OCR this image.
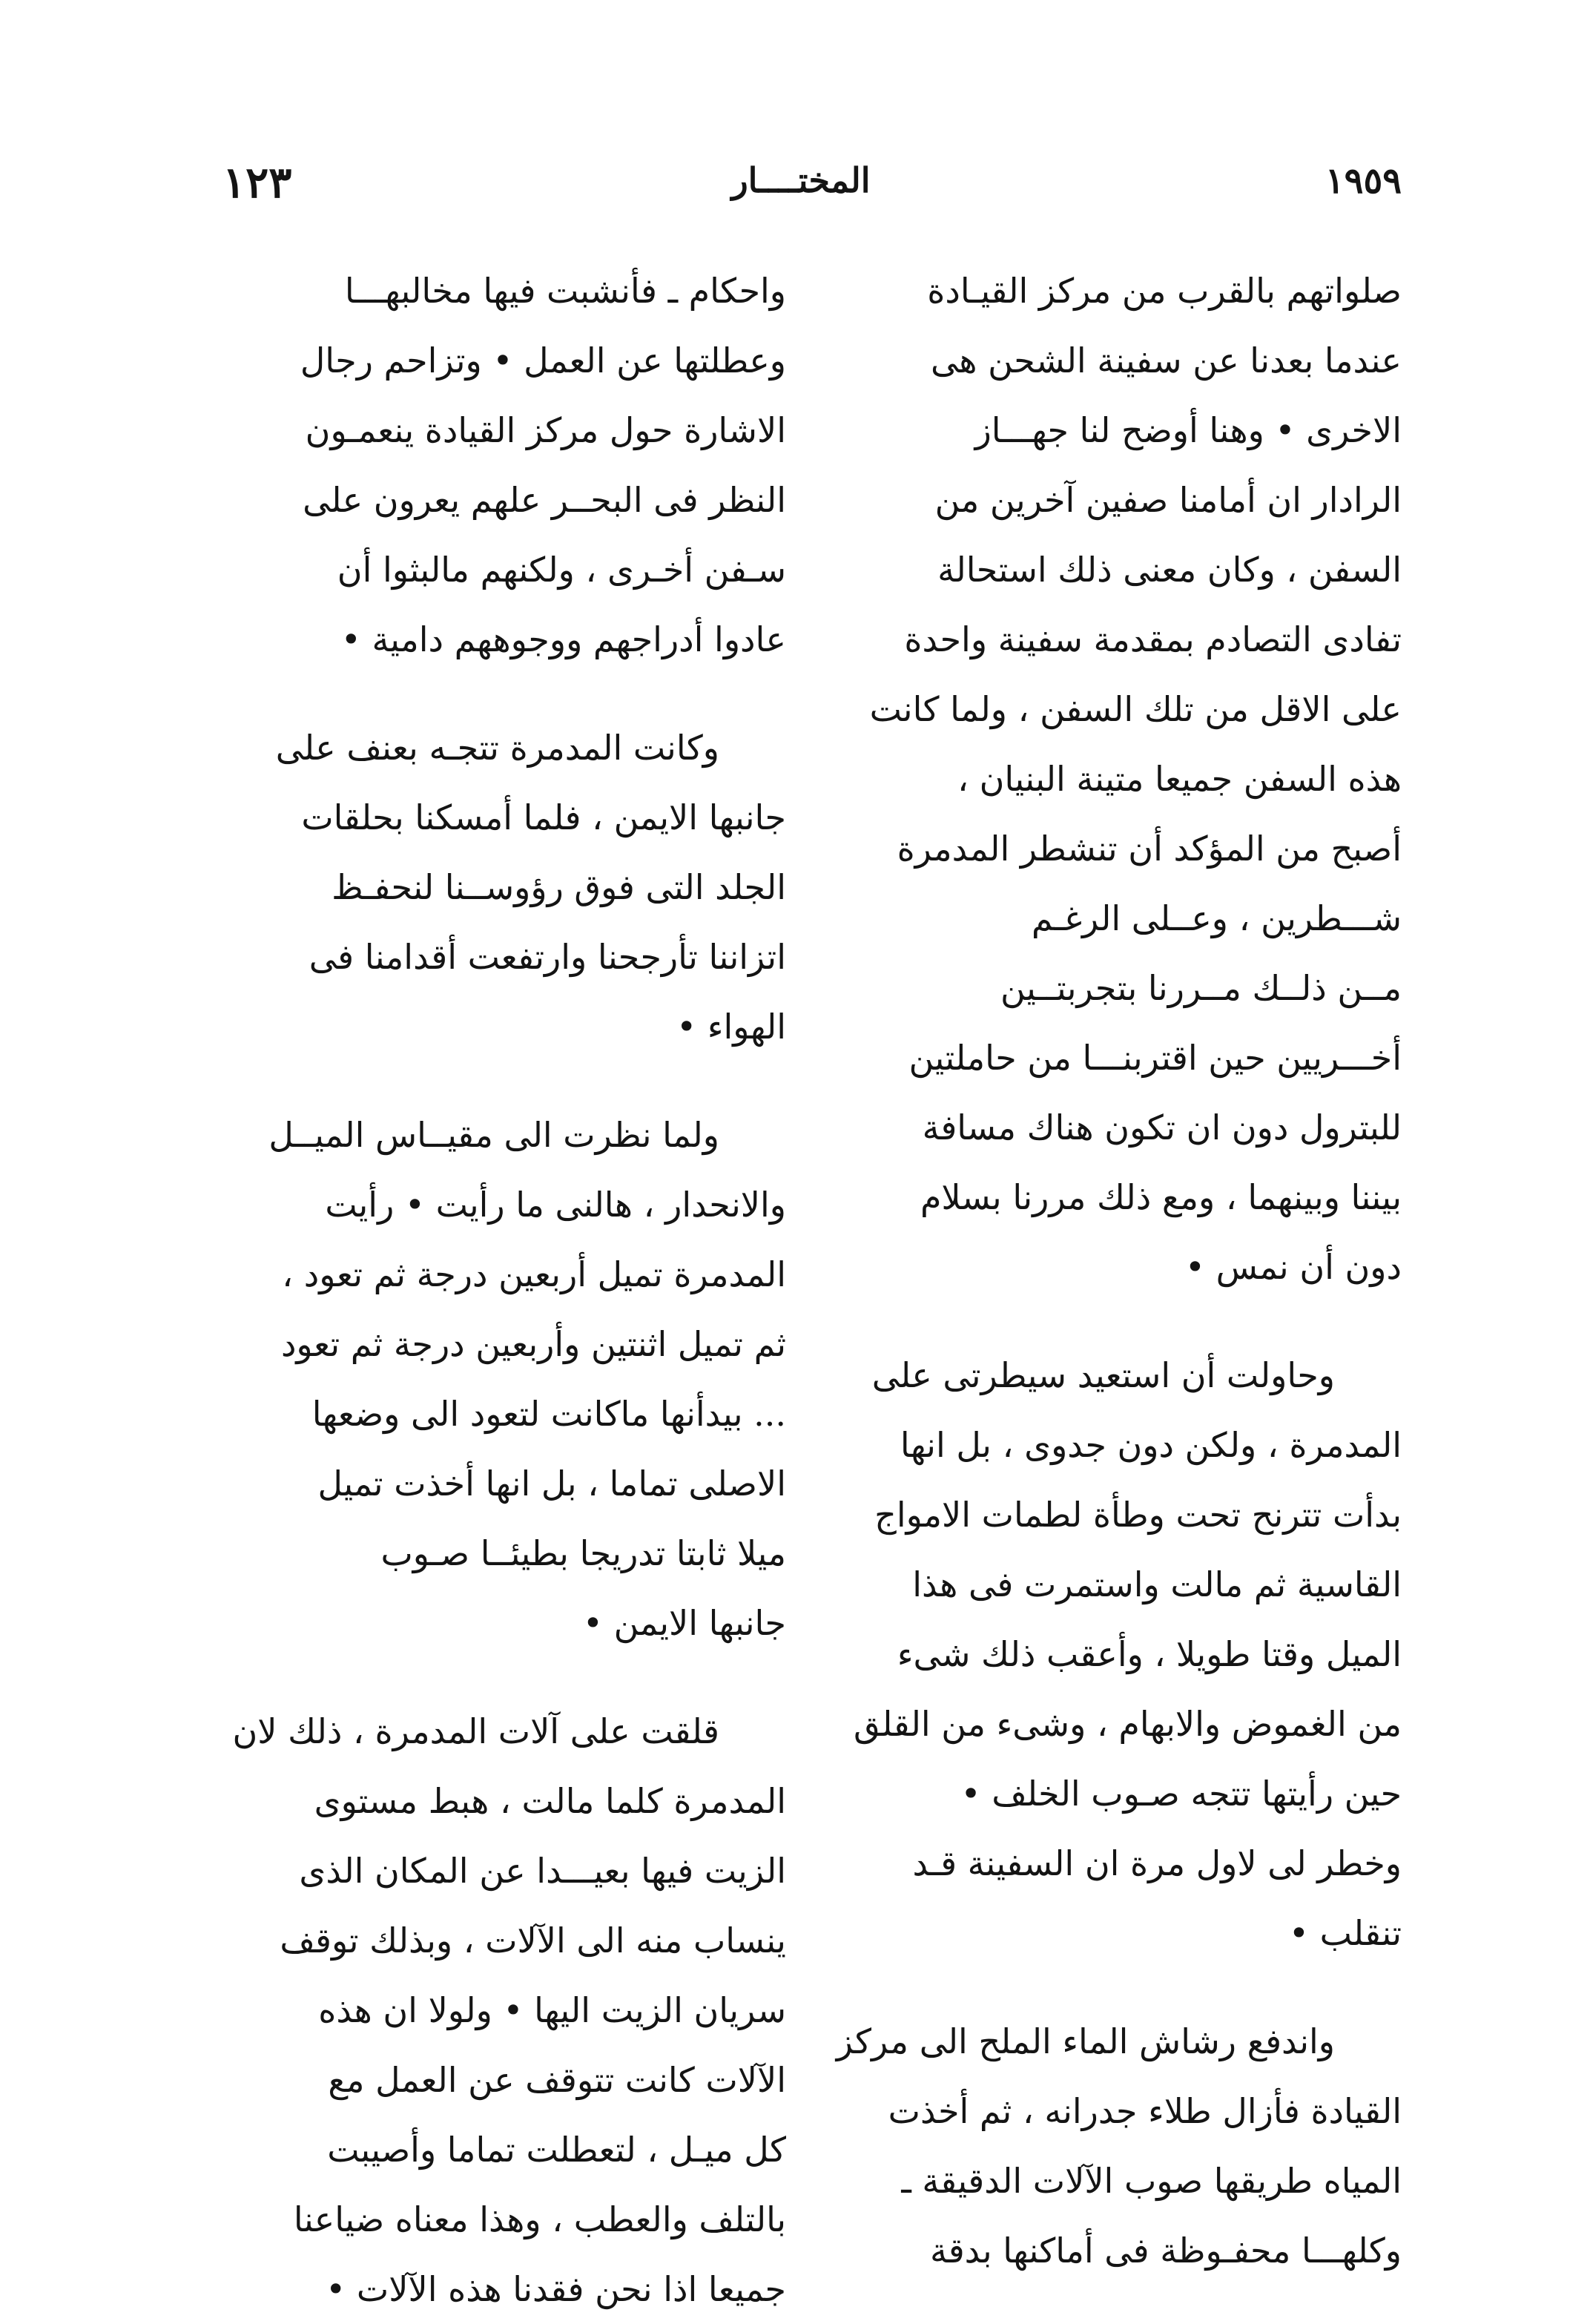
١٢٣	المختــــار	١٩٥٩
صلواتهم بالقرب من مركز القيـادة
عندما بعدنا عن سفينة الشحن هى
الاخرى • وهنا أوضح لنا جهـــاز
الرادار ان أمامنا صفين آخرين من
السفن ، وكان معنى ذلك استحالة
تفادى التصادم بمقدمة سفينة واحدة
على الاقل من تلك السفن ، ولما كانت
هذه السفن جميعا متينة البنيان ،
أصبح من المؤكد أن تنشطر المدمرة
شـــطرين ، وعــلى الرغـم
مــن ذلــك مــررنا بتجربتــين
أخـــريين حين اقتربنـــا من حاملتين
للبترول دون ان تكون هناك مسافة
بيننا وبينهما ، ومع ذلك مررنا بسلام
دون أن نمس •
وحاولت أن استعيد سيطرتى على
المدمرة ، ولكن دون جدوى ، بل انها
بدأت تترنح تحت وطأة لطمات الامواج
القاسية ثم مالت واستمرت فى هذا
الميل وقتا طويلا ، وأعقب ذلك شىء
من الغموض والابهام ، وشىء من القلق
حين رأيتها تتجه صـوب الخلف •
وخطر لى لاول مرة ان السفينة قـد
تنقلب •
واندفع رشاش الماء الملح الى مركز
القيادة فأزال طلاء جدرانه ، ثم أخذت
المياه طريقها صوب الآلات الدقيقة ـ
وكلهـــا محفـوظة فى أماكنها بدقة
واحكام ـ فأنشبت فيها مخالبهـــا
وعطلتها عن العمل • وتزاحم رجال
الاشارة حول مركز القيادة ينعمـون
النظر فى البحــر علهم يعرون على
سـفن أخـرى ، ولكنهم مالبثوا أن
عادوا أدراجهم ووجوههم دامية •
وكانت المدمرة تتجـه بعنف على
جانبها الايمن ، فلما أمسكنا بحلقات
الجلد التى فوق رؤوســنا لنحفـظ
اتزاننا تأرجحنا وارتفعت أقدامنا فى
الهواء •
ولما نظرت الى مقيــاس الميــل
والانحدار ، هالنى ما رأيت • رأيت
المدمرة تميل أربعين درجة ثم تعود ،
ثم تميل اثنتين وأربعين درجة ثم تعود
... بيدأنها ماكانت لتعود الى وضعها
الاصلى تماما ، بل انها أخذت تميل
ميلا ثابتا تدريجا بطيئــا صـوب
جانبها الايمن •
قلقت على آلات المدمرة ، ذلك لان
المدمرة كلما مالت ، هبط مستوى
الزيت فيها بعيـــدا عن المكان الذى
ينساب منه الى الآلات ، وبذلك توقف
سريان الزيت اليها • ولولا ان هذه
الآلات كانت تتوقف عن العمل مع
كل ميـل ، لتعطلت تماما وأصيبت
بالتلف والعطب ، وهذا معناه ضياعنا
جميعا اذا نحن فقدنا هذه الآلات •
